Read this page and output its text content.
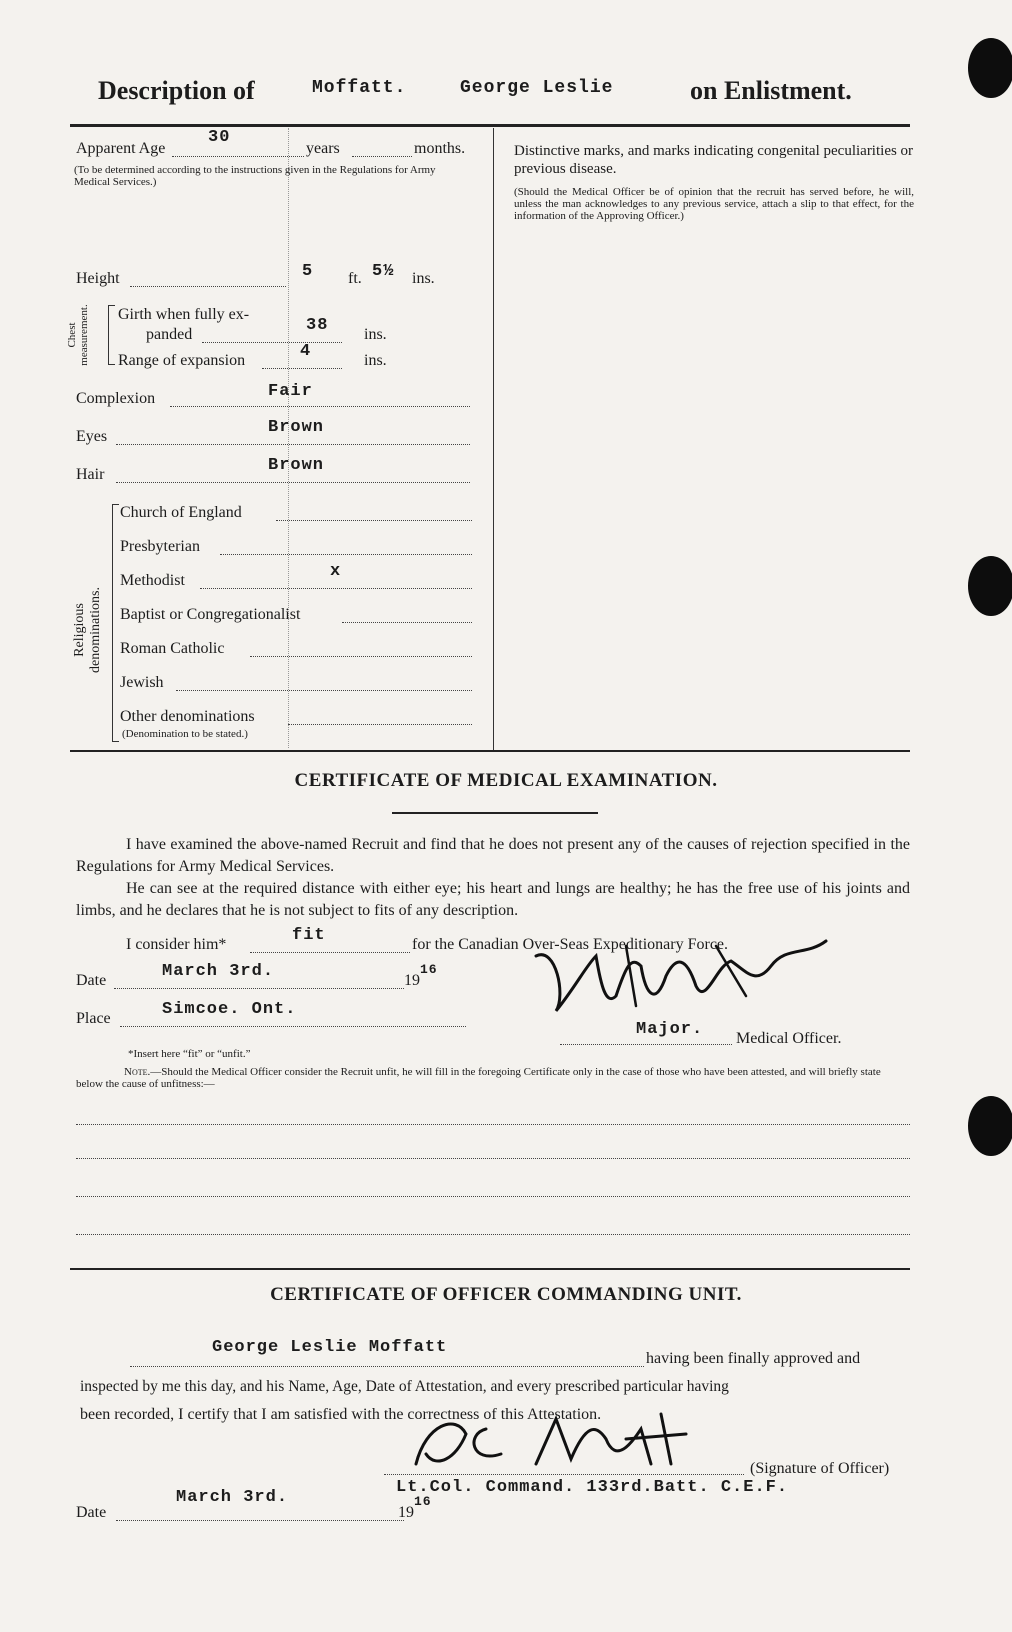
Description of	Moffatt.	George Leslie	on Enlistment.
Apparent Age
30
years	months.
(To be determined according to the instructions given in the Regulations for Army Medical Services.)
Height	5 ft. 5½ ins.
Chest measurement. Girth when fully ex-
panded	38 ins.
Range of expansion	4	ins.
Complexion	Fair
Eyes	Brown
Hair	Brown
Religious denominations.
Church of England
Presbyterian
Methodist	x
Baptist or Congregationalist
Roman Catholic
Jewish
Other denominations
(Denomination to be stated.)
Distinctive marks, and marks indicating congenital peculiarities or previous disease.
(Should the Medical Officer be of opinion that the recruit has served before, he will, unless the man acknowledges to any previous service, attach a slip to that effect, for the information of the Approving Officer.)
CERTIFICATE OF MEDICAL EXAMINATION.
I have examined the above-named Recruit and find that he does not present any of the causes of rejection specified in the Regulations for Army Medical Services.
He can see at the required distance with either eye; his heart and lungs are healthy; he has the free use of his joints and limbs, and he declares that he is not subject to fits of any description.
I consider him*	fit	for the Canadian Over-Seas Expeditionary Force.
Date	March 3rd.	19
16
Place	Simcoe. Ont.
Major. Medical Officer.
*Insert here “fit” or “unfit.”
Note.—Should the Medical Officer consider the Recruit unfit, he will fill in the foregoing Certificate only in the case of those who have been attested, and will briefly state below the cause of unfitness:—
CERTIFICATE OF OFFICER COMMANDING UNIT.
George Leslie Moffatt
having been finally approved and
inspected by me this day, and his Name, Age, Date of Attestation, and every prescribed particular having
been recorded, I certify that I am satisfied with the correctness of this Attestation.
(Signature of Officer)
Lt.Col. Command. 133rd.Batt. C.E.F.
Date
March 3rd.
19
16
